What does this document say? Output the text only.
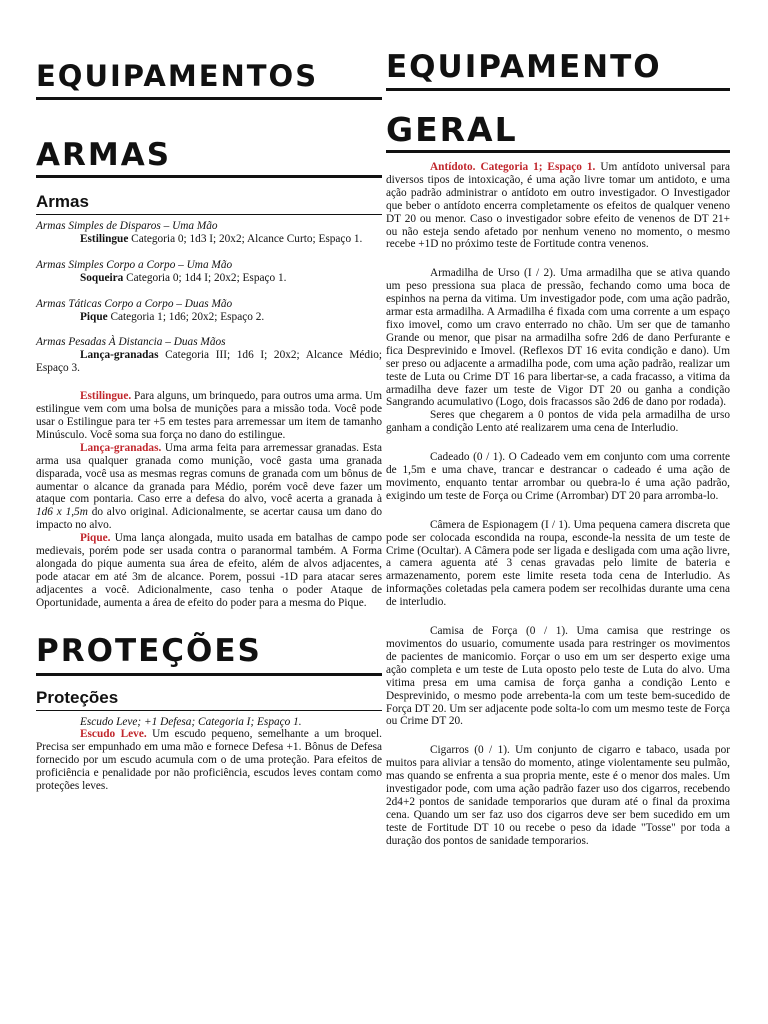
EQUIPAMENTOS
ARMAS
Armas

Armas Simples de Disparos – Uma Mão

Estilingue Categoria 0; 1d3 I; 20x2; Alcance Curto; Espaço 1.

Armas Simples Corpo a Corpo – Uma Mão

Soqueira Categoria 0; 1d4 I; 20x2; Espaço 1.

Armas Táticas Corpo a Corpo – Duas Mão

Pique Categoria 1; 1d6; 20x2; Espaço 2.

Armas Pesadas À Distancia – Duas Mãos

Lança-granadas Categoria III; 1d6 I; 20x2; Alcance Médio; Espaço 3.

Estilingue. Para alguns, um brinquedo, para outros uma arma. Um estilingue vem com uma bolsa de munições para a missão toda. Você pode usar o Estilingue para ter +5 em testes para arremessar um item de tamanho Minúsculo. Você soma sua força no dano do estilingue.

Lança-granadas. Uma arma feita para arremessar granadas. Esta arma usa qualquer granada como munição, você gasta uma granada disparada, você usa as mesmas regras comuns de granada com um bônus de aumentar o alcance da granada para Médio, porém você deve fazer um ataque com pontaria. Caso erre a defesa do alvo, você acerta a granada à 1d6 x 1,5m do alvo original. Adicionalmente, se acertar causa um dano do impacto no alvo.

Pique. Uma lança alongada, muito usada em batalhas de campo medievais, porém pode ser usada contra o paranormal também. A Forma alongada do pique aumenta sua área de efeito, além de alvos adjacentes, pode atacar em até 3m de alcance. Porem, possui -1D para atacar seres adjacentes a você. Adicionalmente, caso tenha o poder Ataque de Oportunidade, aumenta a área de efeito do poder para a mesma do Pique.

PROTEÇÕES
Proteções

Escudo Leve; +1 Defesa; Categoria I; Espaço 1.

Escudo Leve. Um escudo pequeno, semelhante a um broquel. Precisa ser empunhado em uma mão e fornece Defesa +1. Bônus de Defesa fornecido por um escudo acumula com o de uma proteção. Para efeitos de proficiência e penalidade por não proficiência, escudos leves contam como proteções leves.

EQUIPAMENTO
GERAL

Antídoto. Categoria 1; Espaço 1. Um antídoto universal para diversos tipos de intoxicação, é uma ação livre tomar um antidoto, e uma ação padrão administrar o antídoto em outro investigador. O Investigador que beber o antídoto encerra completamente os efeitos de qualquer veneno DT 20 ou menor. Caso o investigador sobre efeito de venenos de DT 21+ ou não esteja sendo afetado por nenhum veneno no momento, o mesmo recebe +1D no próximo teste de Fortitude contra venenos.

Armadilha de Urso (I / 2). Uma armadilha que se ativa quando um peso pressiona sua placa de pressão, fechando como uma boca de espinhos na perna da vitima. Um investigador pode, com uma ação padrão, armar esta armadilha. A Armadilha é fixada com uma corrente a um espaço fixo imovel, como um cravo enterrado no chão. Um ser que de tamanho Grande ou menor, que pisar na armadilha sofre 2d6 de dano Perfurante e fica Desprevinido e Imovel. (Reflexos DT 16 evita condição e dano). Um ser preso ou adjacente a armadilha pode, com uma ação padrão, realizar um teste de Luta ou Crime DT 16 para libertar-se, a cada fracasso, a vitima da armadilha deve fazer um teste de Vigor DT 20 ou ganha a condição Sangrando acumulativo (Logo, dois fracassos são 2d6 de dano por rodada).

Seres que chegarem a 0 pontos de vida pela armadilha de urso ganham a condição Lento até realizarem uma cena de Interludio.

Cadeado (0 / 1). O Cadeado vem em conjunto com uma corrente de 1,5m e uma chave, trancar e destrancar o cadeado é uma ação de movimento, enquanto tentar arrombar ou quebra-lo é uma ação padrão, exigindo um teste de Força ou Crime (Arrombar) DT 20 para arromba-lo.

Câmera de Espionagem (I / 1). Uma pequena camera discreta que pode ser colocada escondida na roupa, esconde-la nessita de um teste de Crime (Ocultar). A Câmera pode ser ligada e desligada com uma ação livre, a camera aguenta até 3 cenas gravadas pelo limite de bateria e armazenamento, porem este limite reseta toda cena de Interludio. As informações coletadas pela camera podem ser recolhidas durante uma cena de interludio.

Camisa de Força (0 / 1). Uma camisa que restringe os movimentos do usuario, comumente usada para restringer os movimentos de pacientes de manicomio. Forçar o uso em um ser desperto exige uma ação completa e um teste de Luta oposto pelo teste de Luta do alvo. Uma vitima presa em uma camisa de força ganha a condição Lento e Desprevinido, o mesmo pode arrebenta-la com um teste bem-sucedido de Força DT 20. Um ser adjacente pode solta-lo com um mesmo teste de Força ou Crime DT 20.

Cigarros (0 / 1). Um conjunto de cigarro e tabaco, usada por muitos para aliviar a tensão do momento, atinge violentamente seu pulmão, mas quando se enfrenta a sua propria mente, este é o menor dos males. Um investigador pode, com uma ação padrão fazer uso dos cigarros, recebendo 2d4+2 pontos de sanidade temporarios que duram até o final da proxima cena. Quando um ser faz uso dos cigarros deve ser bem sucedido em um teste de Fortitude DT 10 ou recebe o peso da idade "Tosse" por toda a duração dos pontos de sanidade temporarios.
